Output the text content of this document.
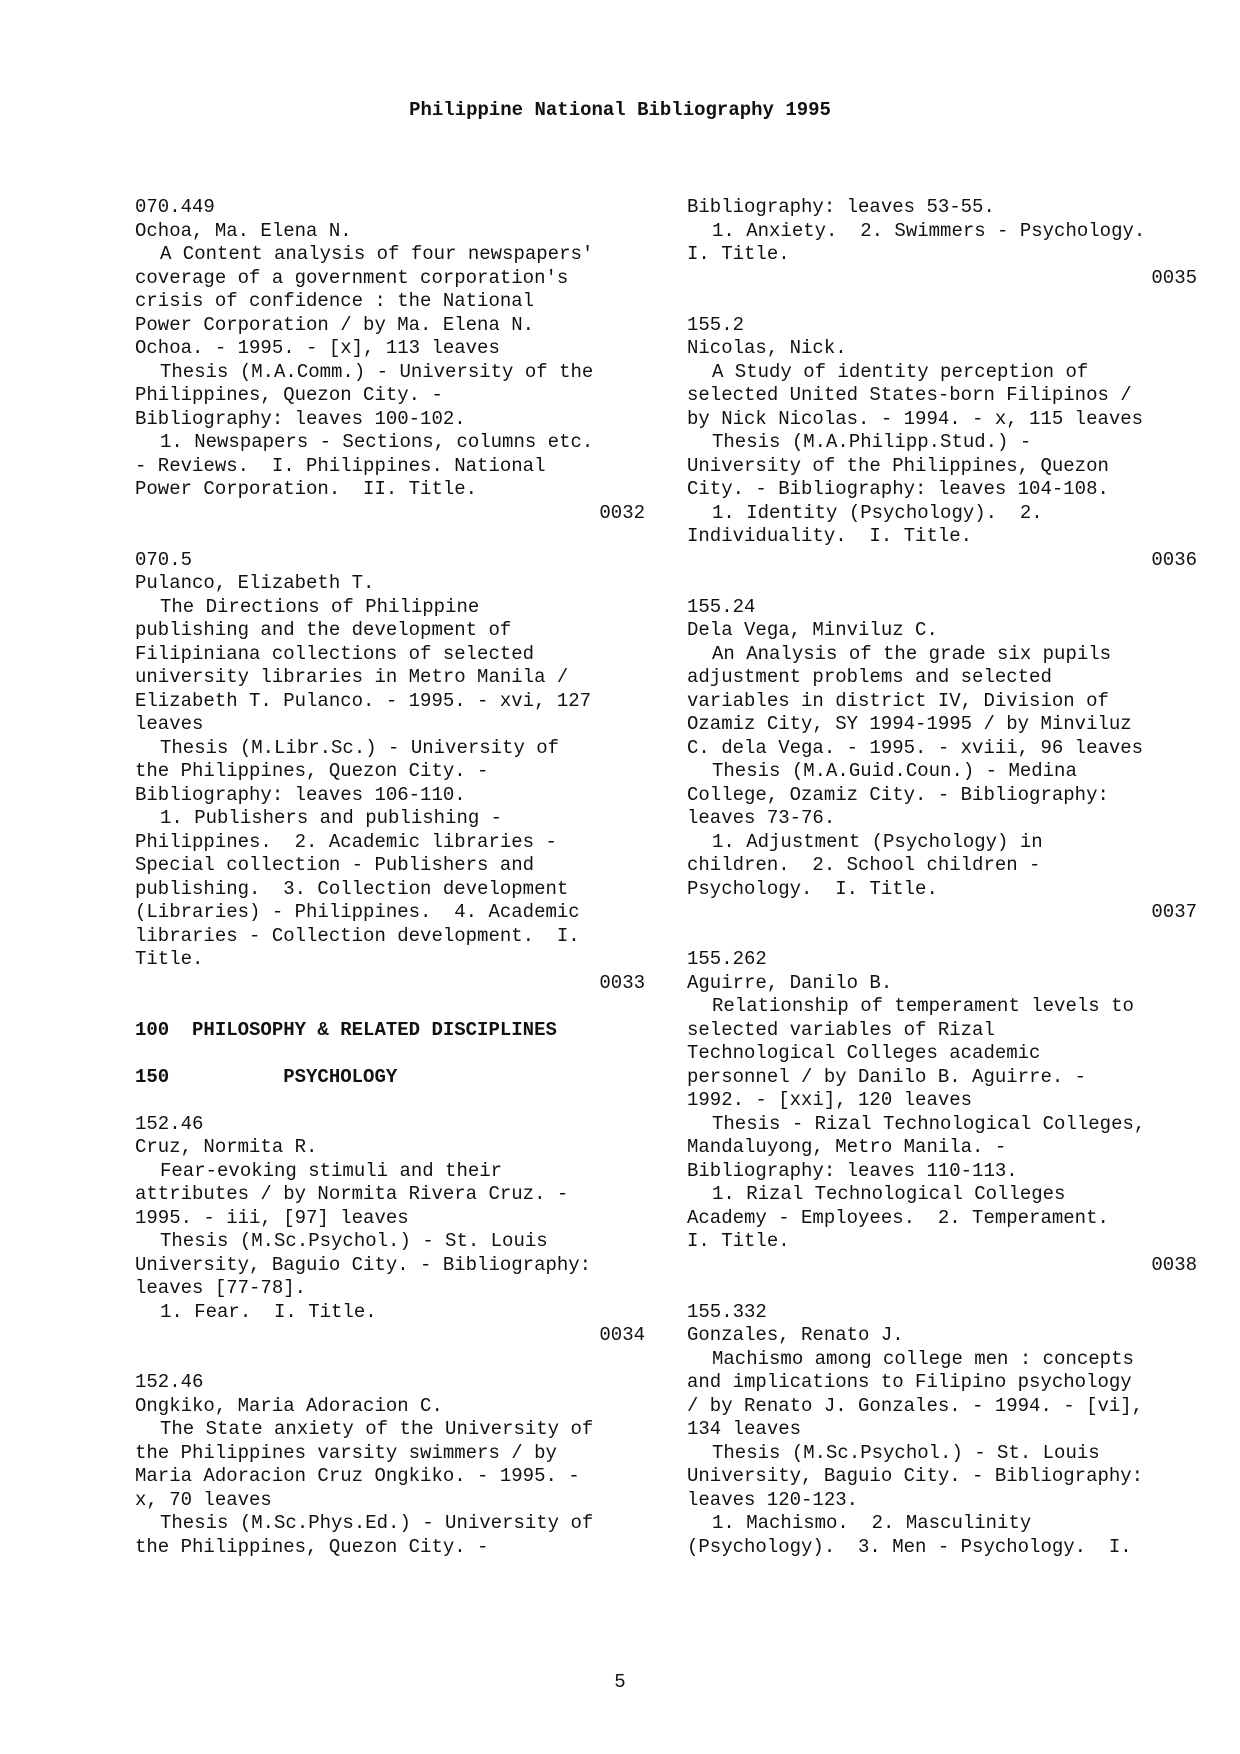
Philippine National Bibliography 1995
070.449
Ochoa, Ma. Elena N.
A Content analysis of four newspapers'
coverage of a government corporation's
crisis of confidence : the National
Power Corporation / by Ma. Elena N.
Ochoa. - 1995. - [x], 113 leaves
Thesis (M.A.Comm.) - University of the
Philippines, Quezon City. -
Bibliography: leaves 100-102.
1. Newspapers - Sections, columns etc.
- Reviews.  I. Philippines. National
Power Corporation.  II. Title.
0032
070.5
Pulanco, Elizabeth T.
The Directions of Philippine
publishing and the development of
Filipiniana collections of selected
university libraries in Metro Manila /
Elizabeth T. Pulanco. - 1995. - xvi, 127
leaves
Thesis (M.Libr.Sc.) - University of
the Philippines, Quezon City. -
Bibliography: leaves 106-110.
1. Publishers and publishing -
Philippines.  2. Academic libraries -
Special collection - Publishers and
publishing.  3. Collection development
(Libraries) - Philippines.  4. Academic
libraries - Collection development.  I.
Title.
0033
100  PHILOSOPHY & RELATED DISCIPLINES
150          PSYCHOLOGY
152.46
Cruz, Normita R.
Fear-evoking stimuli and their
attributes / by Normita Rivera Cruz. -
1995. - iii, [97] leaves
Thesis (M.Sc.Psychol.) - St. Louis
University, Baguio City. - Bibliography:
leaves [77-78].
1. Fear.  I. Title.
0034
152.46
Ongkiko, Maria Adoracion C.
The State anxiety of the University of
the Philippines varsity swimmers / by
Maria Adoracion Cruz Ongkiko. - 1995. -
x, 70 leaves
Thesis (M.Sc.Phys.Ed.) - University of
the Philippines, Quezon City. -
Bibliography: leaves 53-55.
1. Anxiety.  2. Swimmers - Psychology.
I. Title.
0035
155.2
Nicolas, Nick.
A Study of identity perception of
selected United States-born Filipinos /
by Nick Nicolas. - 1994. - x, 115 leaves
Thesis (M.A.Philipp.Stud.) -
University of the Philippines, Quezon
City. - Bibliography: leaves 104-108.
1. Identity (Psychology).  2.
Individuality.  I. Title.
0036
155.24
Dela Vega, Minviluz C.
An Analysis of the grade six pupils
adjustment problems and selected
variables in district IV, Division of
Ozamiz City, SY 1994-1995 / by Minviluz
C. dela Vega. - 1995. - xviii, 96 leaves
Thesis (M.A.Guid.Coun.) - Medina
College, Ozamiz City. - Bibliography:
leaves 73-76.
1. Adjustment (Psychology) in
children.  2. School children -
Psychology.  I. Title.
0037
155.262
Aguirre, Danilo B.
Relationship of temperament levels to
selected variables of Rizal
Technological Colleges academic
personnel / by Danilo B. Aguirre. -
1992. - [xxi], 120 leaves
Thesis - Rizal Technological Colleges,
Mandaluyong, Metro Manila. -
Bibliography: leaves 110-113.
1. Rizal Technological Colleges
Academy - Employees.  2. Temperament.
I. Title.
0038
155.332
Gonzales, Renato J.
Machismo among college men : concepts
and implications to Filipino psychology
/ by Renato J. Gonzales. - 1994. - [vi],
134 leaves
Thesis (M.Sc.Psychol.) - St. Louis
University, Baguio City. - Bibliography:
leaves 120-123.
1. Machismo.  2. Masculinity
(Psychology).  3. Men - Psychology.  I.
5
